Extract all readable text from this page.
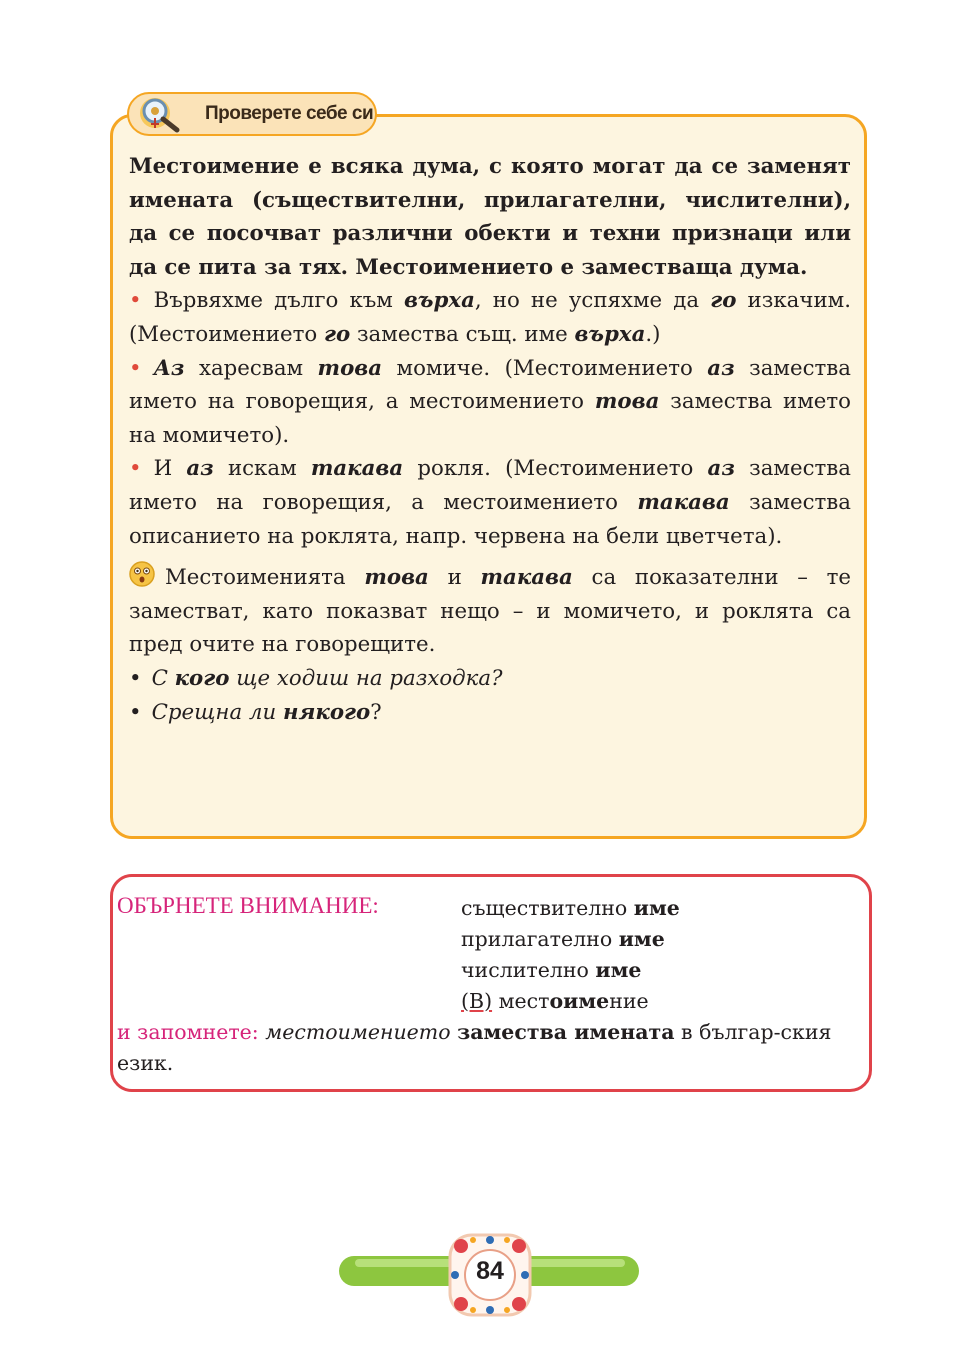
Проверете себе си

Местоимение е всяка дума, с която могат да се заменят имената (съществителни, прилагателни, числителни), да се посочват различни обекти и техни признаци или да се пита за тях. Местоимението е заместваща дума.

• Вървяхме дълго към върха, но не успяхме да го изкачим. (Местоимението го замества същ. име върха.)

• Аз харесвам това момиче. (Местоимението аз замества името на говорещия, а местоимението това замества името на момичето).

• И аз искам такава рокля. (Местоимението аз замества името на говорещия, а местоимението такава замества описанието на роклята, напр. червена на бели цветчета).

Местоименията това и такава са показателни – те заместват, като показват нещо – и момичето, и роклята са пред очите на говорещите.

• С кого ще ходиш на разходка?

• Срещна ли някого?

ОБЪРНЕТЕ ВНИМАНИЕ:	съществително име
прилагателно име
числително име
(В) местоимение
и запомнете: местоимението замества имената в българ-ския език.
84
